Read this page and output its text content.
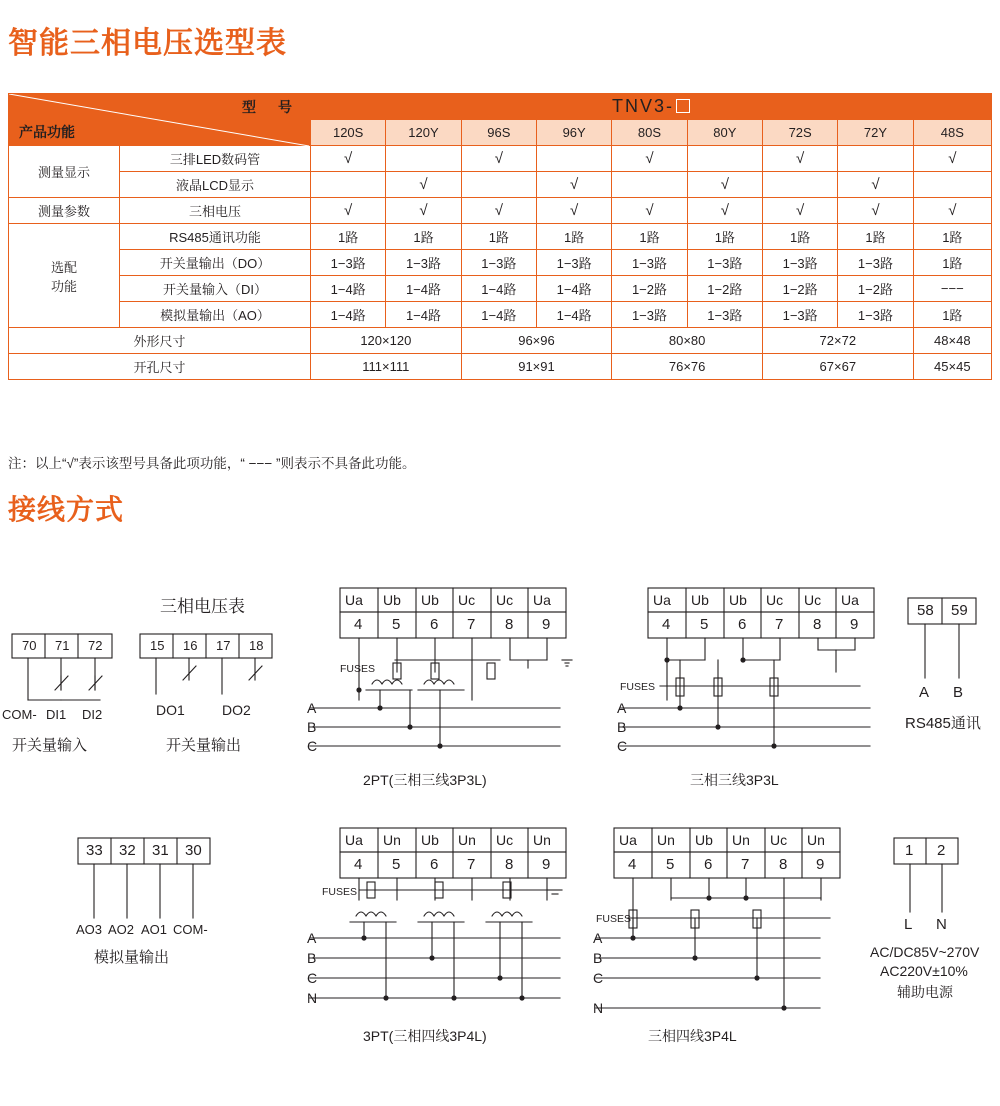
智能三相电压选型表
型　号
产品功能		TNV3-								
		120S	120Y	96S	96Y	80S	80Y	72S	72Y	48S
测量显示	三排LED数码管	√		√		√		√		√
	液晶LCD显示		√		√		√		√	
测量参数	三相电压	√	√	√	√	√	√	√	√	√
选配
功能	RS485通讯功能	1路	1路	1路	1路	1路	1路	1路	1路	1路
	开关量输出（DO）	1−3路	1−3路	1−3路	1−3路	1−3路	1−3路	1−3路	1−3路	1路
	开关量输入（DI）	1−4路	1−4路	1−4路	1−4路	1−2路	1−2路	1−2路	1−2路	−−−
	模拟量输出（AO）	1−4路	1−4路	1−4路	1−4路	1−3路	1−3路	1−3路	1−3路	1路
外形尺寸		120×120		96×96		80×80		72×72		48×48
开孔尺寸		111×111		91×91		76×76		67×67		45×45
注：以上“√”表示该型号具备此项功能，“ −−− ”则表示不具备此功能。
接线方式
70 71 72
COM- DI1 DI2
开关量输入
三相电压表
15 16 17 18
DO1	DO2
开关量输出
Ua Ub Ub Uc Uc Ua
4 5 6 7 8 9
FUSES
A
B
C
2PT(三相三线3P3L)
Ua Ub Ub Uc Uc Ua
4 5 6 7 8 9
FUSES
A
B
C
三相三线3P3L
58 59
A B
RS485通讯
33 32 31 30
AO3 AO2 AO1 COM-
模拟量输出
Ua Un Ub Un Uc Un
4 5 6 7 8 9
FUSES
A
B
C
N
3PT(三相四线3P4L)
Ua Un Ub Un Uc Un
4 5 6 7 8 9
FUSES
A
B
C
N
三相四线3P4L
1 2
L N
AC/DC85V~270V
AC220V±10%
辅助电源
